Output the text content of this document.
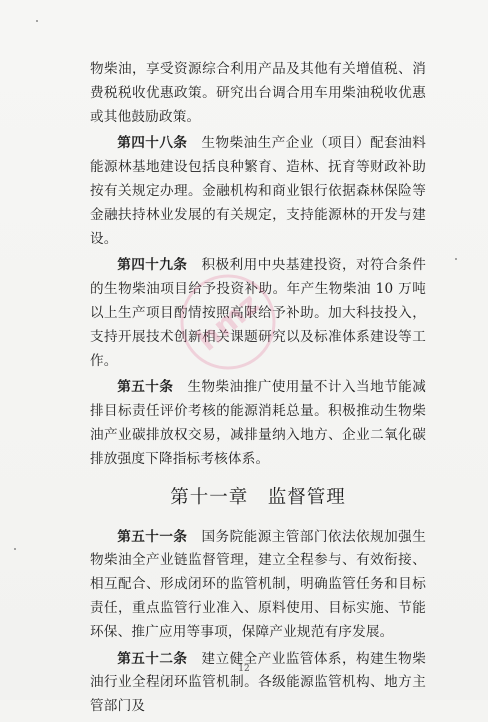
物柴油，享受资源综合利用产品及其他有关增值税、消费税税收优惠政策。研究出台调合用车用柴油税收优惠或其他鼓励政策。

第四十八条　 生物柴油生产企业（项目）配套油料能源林基地建设包括良种繁育、造林、抚育等财政补助按有关规定办理。金融机构和商业银行依据森林保险等金融扶持林业发展的有关规定，支持能源林的开发与建设。

第四十九条　 积极利用中央基建投资，对符合条件的生物柴油项目给予投资补助。年产生物柴油 10 万吨以上生产项目酌情按照高限给予补助。加大科技投入，支持开展技术创新相关课题研究以及标准体系建设等工作。

第五十条　 生物柴油推广使用量不计入当地节能减排目标责任评价考核的能源消耗总量。积极推动生物柴油产业碳排放权交易，减排量纳入地方、企业二氧化碳排放强度下降指标考核体系。

第十一章　监督管理

第五十一条　 国务院能源主管部门依法依规加强生物柴油全产业链监督管理，建立全程参与、有效衔接、相互配合、形成闭环的监管机制，明确监管任务和目标责任，重点监管行业准入、原料使用、目标实施、节能环保、推广应用等事项，保障产业规范有序发展。

第五十二条　 建立健全产业监管体系，构建生物柴油行业全程闭环监管机制。各级能源监管机构、地方主管部门及

hmz
12
